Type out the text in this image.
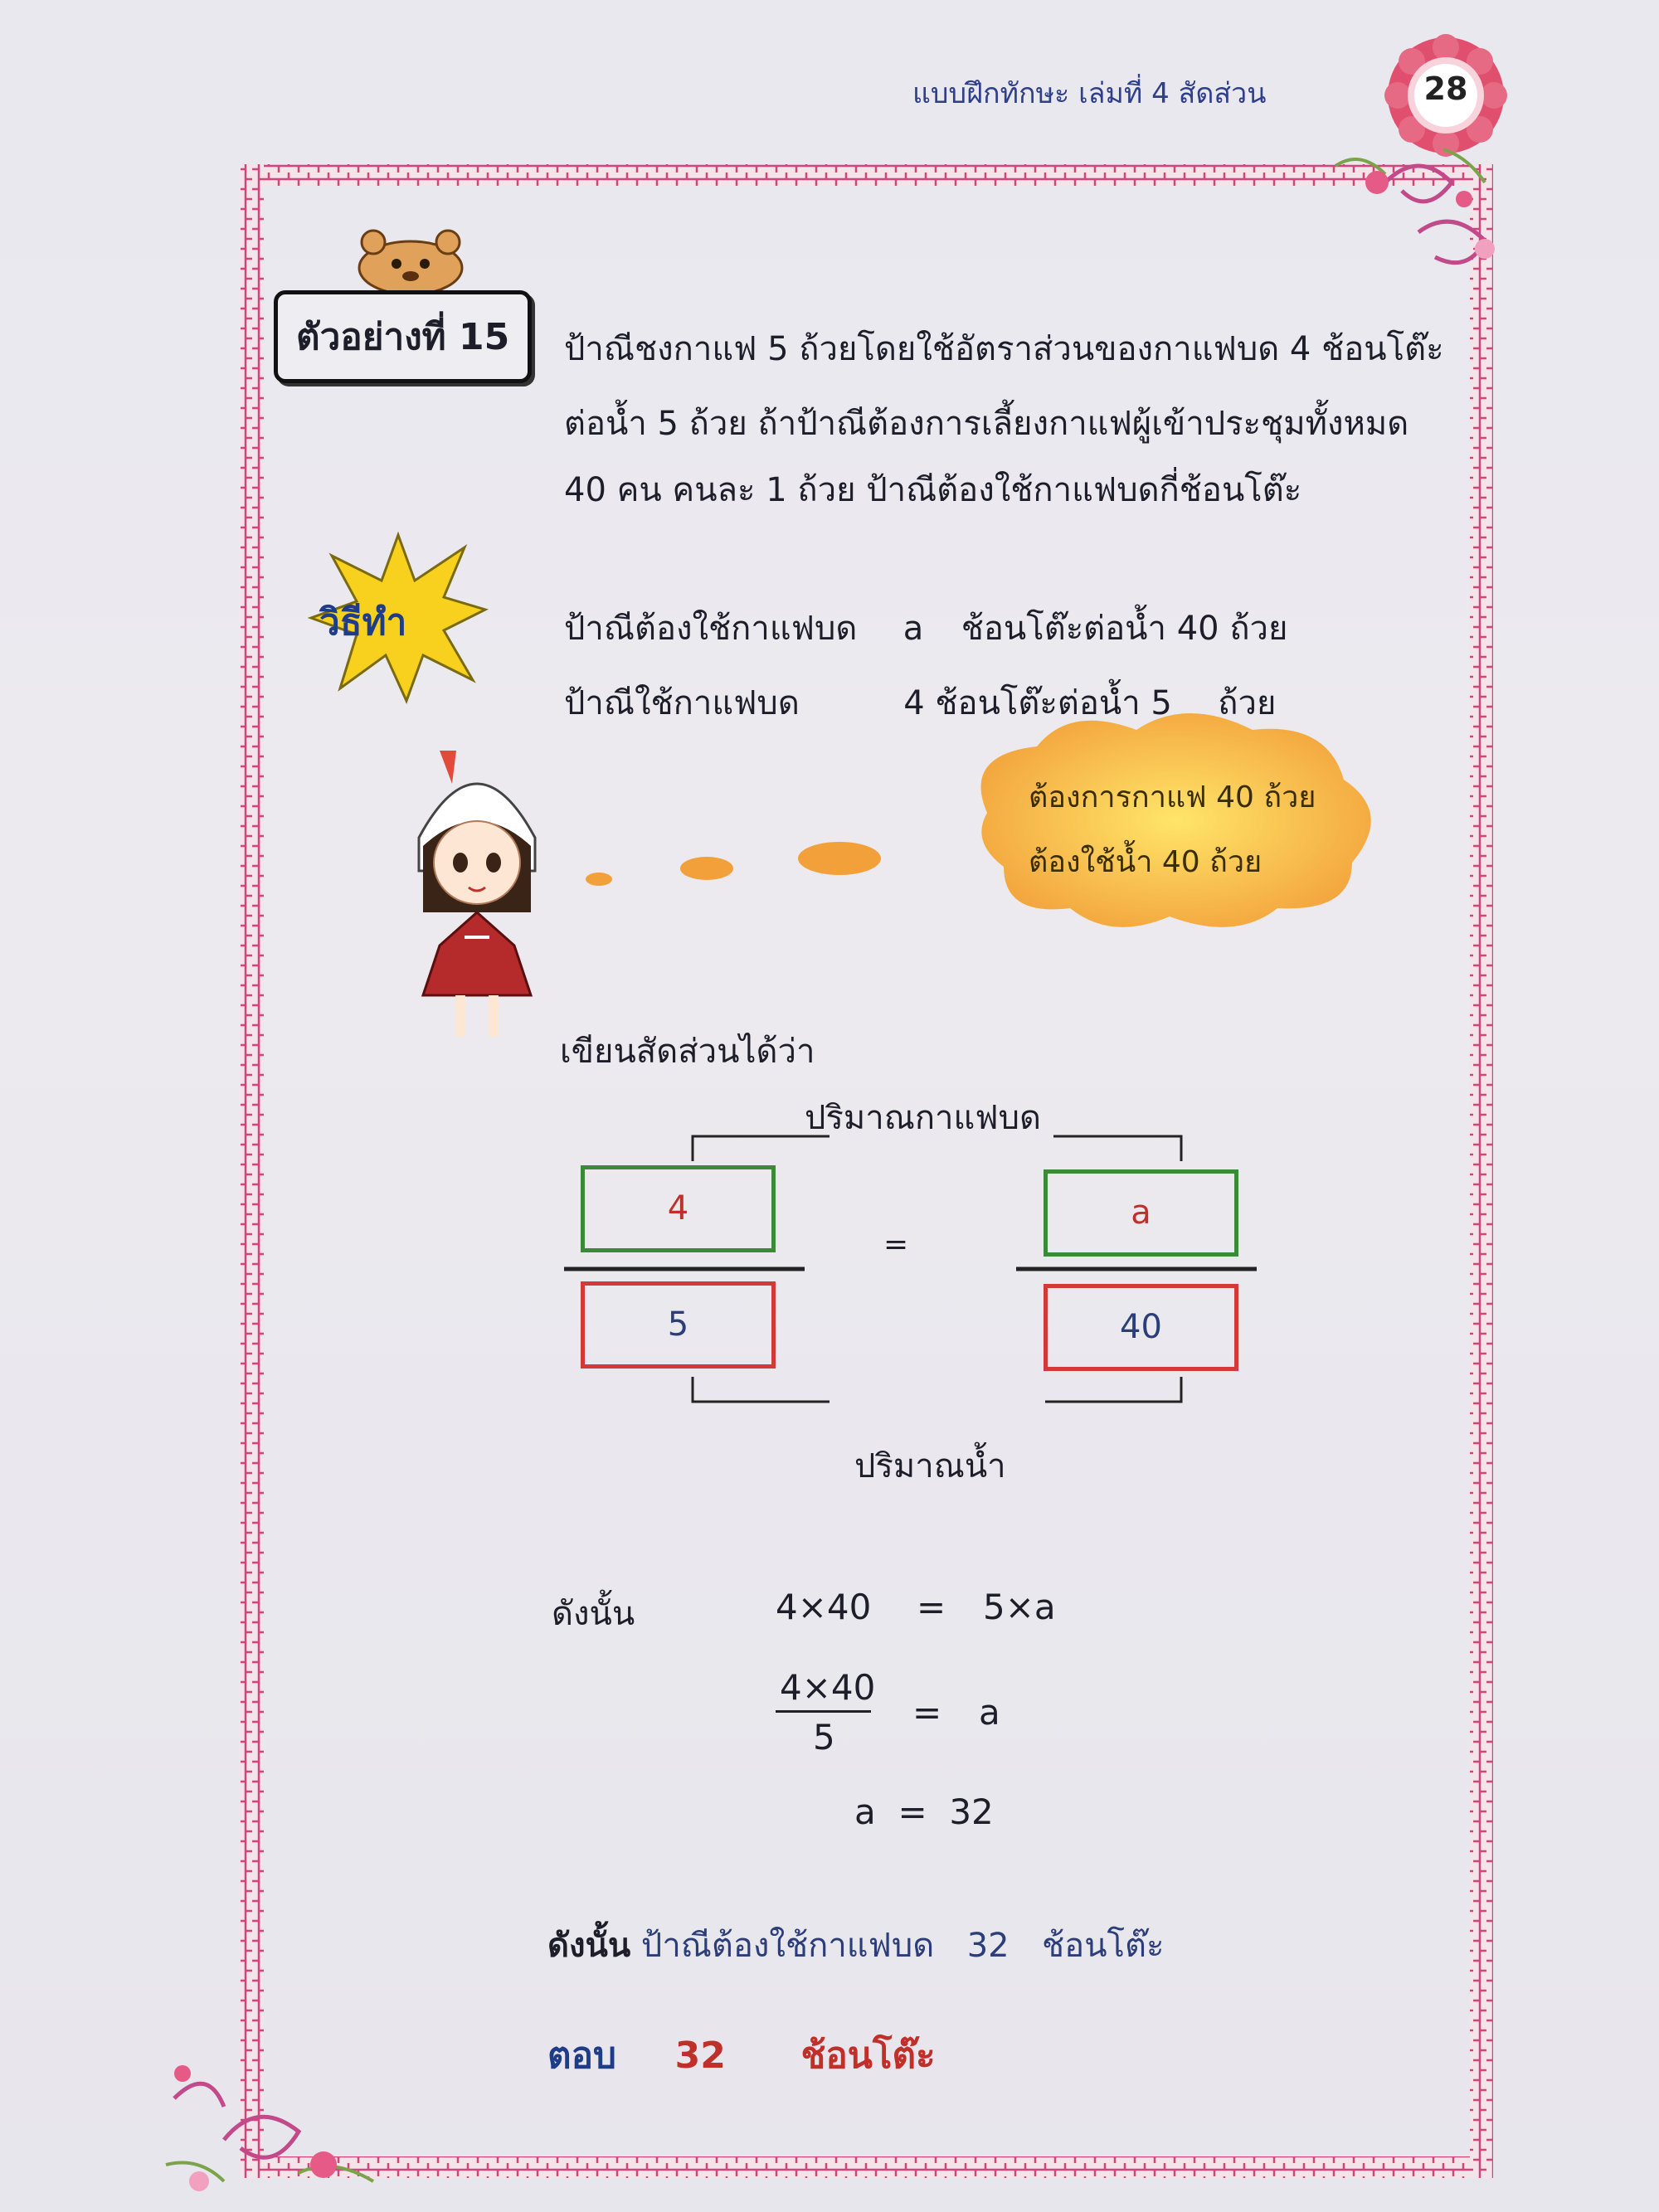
28
แบบฝึกทักษะ เล่มที่ 4 สัดส่วน
ตัวอย่างที่ 15	ป้าณีชงกาแฟ 5 ถ้วยโดยใช้อัตราส่วนของกาแฟบด 4 ช้อนโต๊ะ
ต่อน้ำ 5 ถ้วย ถ้าป้าณีต้องการเลี้ยงกาแฟผู้เข้าประชุมทั้งหมด
40 คน คนละ 1 ถ้วย ป้าณีต้องใช้กาแฟบดกี่ช้อนโต๊ะ
วิธีทำ	ป้าณีต้องใช้กาแฟบด a ช้อนโต๊ะต่อน้ำ 40 ถ้วย
ป้าณีใช้กาแฟบด	4 ช้อนโต๊ะต่อน้ำ 5 ถ้วย
ต้องการกาแฟ 40 ถ้วย
ต้องใช้น้ำ 40 ถ้วย
เขียนสัดส่วนได้ว่า
ปริมาณกาแฟบด
4
5
=
a
40
ปริมาณน้ำ
ดังนั้น	4×40 = 5×a
4×40
5
= a
a  =  32
ดังนั้น ป้าณีต้องใช้กาแฟบด 32 ช้อนโต๊ะ
ตอบ 32 ช้อนโต๊ะ
